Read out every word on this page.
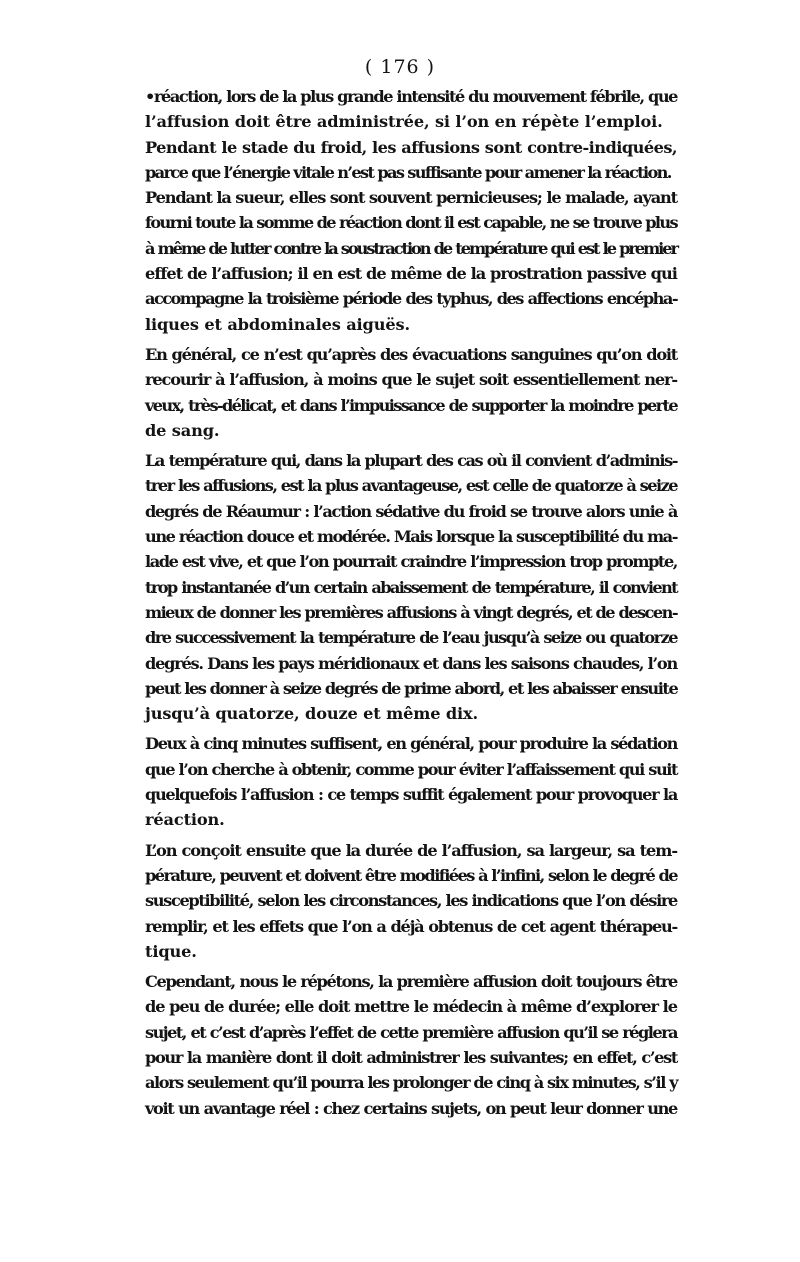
( 176 )

•réaction, lors de la plus grande intensité du mouvement fébrile, que
l’affusion doit être administrée, si l’on en répète l’emploi.

Pendant le stade du froid, les affusions sont contre-indiquées,
parce que l’énergie vitale n’est pas suffisante pour amener la réaction.

Pendant la sueur, elles sont souvent pernicieuses; le malade, ayant
fourni toute la somme de réaction dont il est capable, ne se trouve plus
à même de lutter contre la soustraction de température qui est le premier
effet de l’affusion; il en est de même de la prostration passive qui
accompagne la troisième période des typhus, des affections encépha-
liques et abdominales aiguës.

En général, ce n’est qu’après des évacuations sanguines qu’on doit
recourir à l’affusion, à moins que le sujet soit essentiellement ner-
veux, très-délicat, et dans l’impuissance de supporter la moindre perte
de sang.

La température qui, dans la plupart des cas où il convient d’adminis-
trer les affusions, est la plus avantageuse, est celle de quatorze à seize
degrés de Réaumur : l’action sédative du froid se trouve alors unie à
une réaction douce et modérée. Mais lorsque la susceptibilité du ma-
lade est vive, et que l’on pourrait craindre l’impression trop prompte,
trop instantanée d’un certain abaissement de température, il convient
mieux de donner les premières affusions à vingt degrés, et de descen-
dre successivement la température de l’eau jusqu’à seize ou quatorze
degrés. Dans les pays méridionaux et dans les saisons chaudes, l’on
peut les donner à seize degrés de prime abord, et les abaisser ensuite
jusqu’à quatorze, douze et même dix.

Deux à cinq minutes suffisent, en général, pour produire la sédation
que l’on cherche à obtenir, comme pour éviter l’affaissement qui suit
quelquefois l’affusion : ce temps suffit également pour provoquer la
réaction.

L’on conçoit ensuite que la durée de l’affusion, sa largeur, sa tem-
pérature, peuvent et doivent être modifiées à l’infini, selon le degré de
susceptibilité, selon les circonstances, les indications que l’on désire
remplir, et les effets que l’on a déjà obtenus de cet agent thérapeu-
tique.

Cependant, nous le répétons, la première affusion doit toujours être
de peu de durée; elle doit mettre le médecin à même d’explorer le
sujet, et c’est d’après l’effet de cette première affusion qu’il se réglera
pour la manière dont il doit administrer les suivantes; en effet, c’est
alors seulement qu’il pourra les prolonger de cinq à six minutes, s’il y
voit un avantage réel : chez certains sujets, on peut leur donner une
